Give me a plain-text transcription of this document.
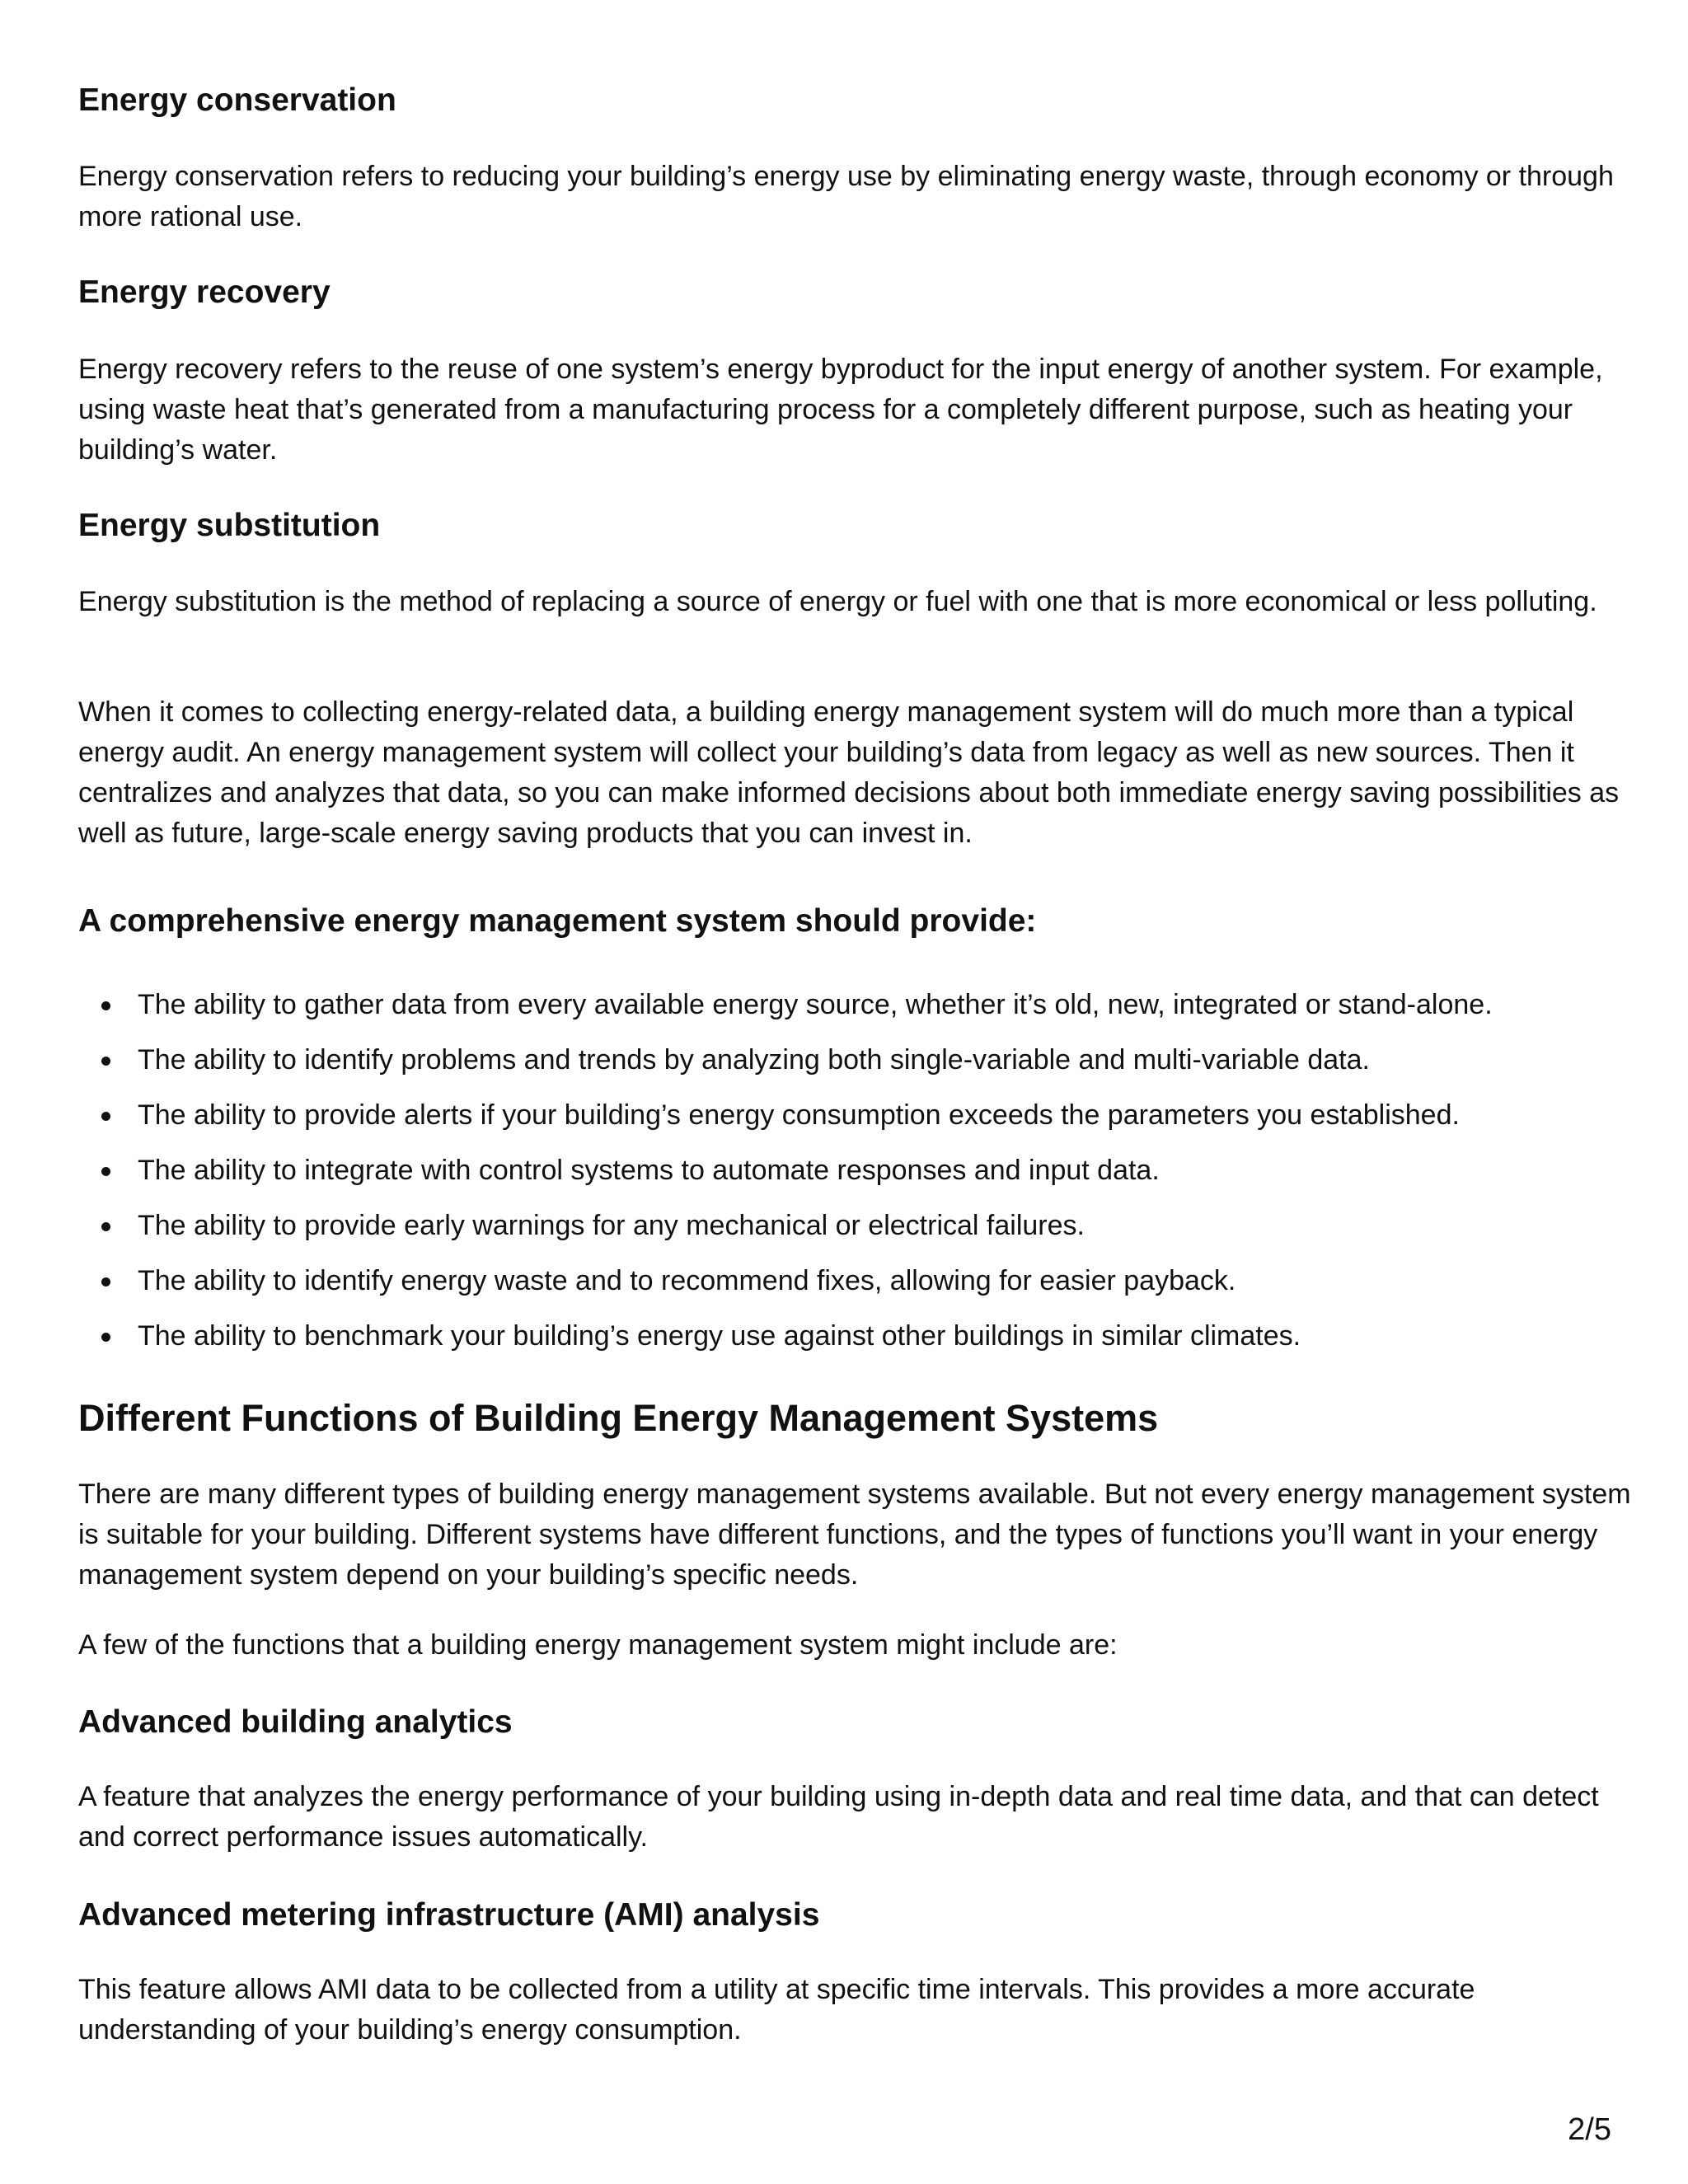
Energy conservation

Energy conservation refers to reducing your building’s energy use by eliminating energy waste, through economy or through more rational use.

Energy recovery

Energy recovery refers to the reuse of one system’s energy byproduct for the input energy of another system. For example, using waste heat that’s generated from a manufacturing process for a completely different purpose, such as heating your building’s water.

Energy substitution

Energy substitution is the method of replacing a source of energy or fuel with one that is more economical or less polluting.

When it comes to collecting energy-related data, a building energy management system will do much more than a typical energy audit. An energy management system will collect your building’s data from legacy as well as new sources. Then it centralizes and analyzes that data, so you can make informed decisions about both immediate energy saving possibilities as well as future, large-scale energy saving products that you can invest in.

A comprehensive energy management system should provide:
The ability to gather data from every available energy source, whether it’s old, new, integrated or stand-alone.
The ability to identify problems and trends by analyzing both single-variable and multi-variable data.
The ability to provide alerts if your building’s energy consumption exceeds the parameters you established.
The ability to integrate with control systems to automate responses and input data.
The ability to provide early warnings for any mechanical or electrical failures.
The ability to identify energy waste and to recommend fixes, allowing for easier payback.
The ability to benchmark your building’s energy use against other buildings in similar climates.
Different Functions of Building Energy Management Systems

There are many different types of building energy management systems available. But not every energy management system is suitable for your building. Different systems have different functions, and the types of functions you’ll want in your energy management system depend on your building’s specific needs.

A few of the functions that a building energy management system might include are:

Advanced building analytics

A feature that analyzes the energy performance of your building using in-depth data and real time data, and that can detect and correct performance issues automatically.

Advanced metering infrastructure (AMI) analysis

This feature allows AMI data to be collected from a utility at specific time intervals. This provides a more accurate understanding of your building’s energy consumption.

2/5
